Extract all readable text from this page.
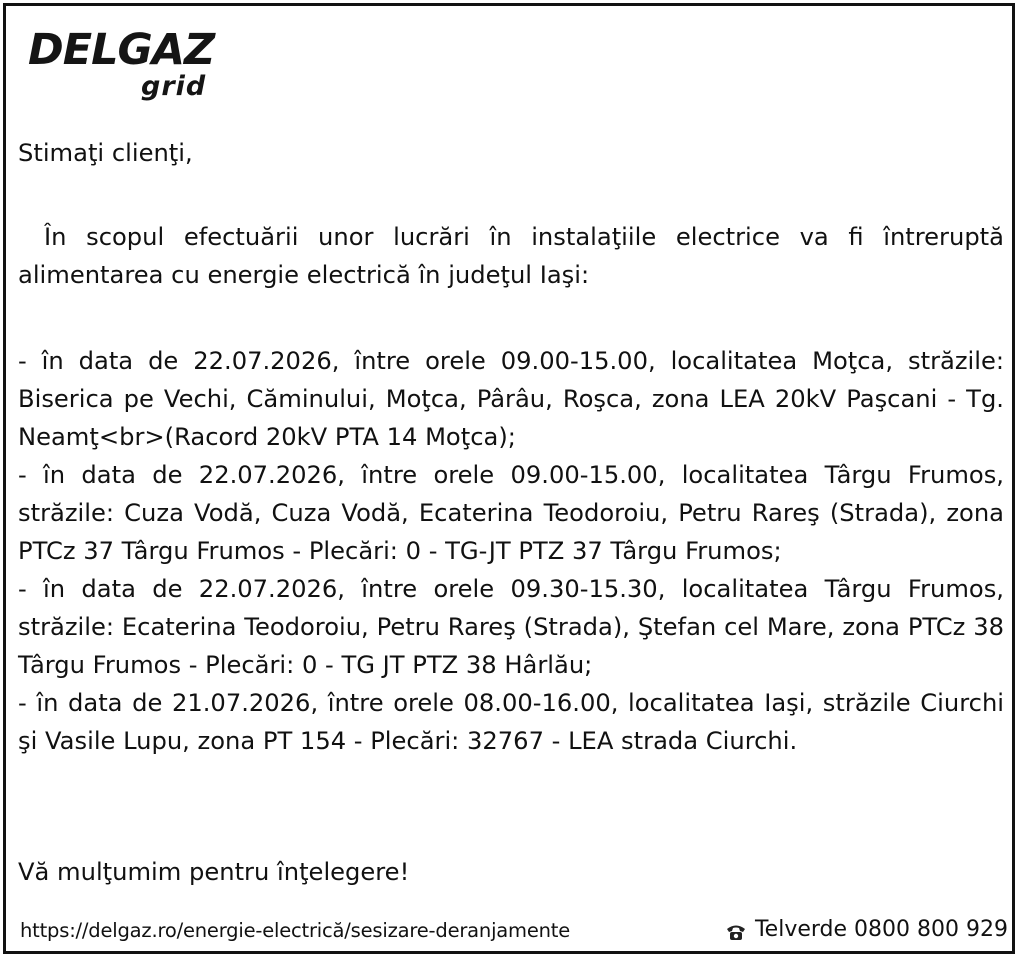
DELGAZ
grid
Stimaţi clienţi,
În scopul efectuării unor lucrări în instalaţiile electrice va fi întreruptă alimentarea cu energie electrică în judeţul Iaşi:
- în data de 22.07.2026, între orele 09.00-15.00, localitatea Moţca, străzile: Biserica pe Vechi, Căminului, Moţca, Pârâu, Roşca, zona LEA 20kV Paşcani - Tg. Neamţ<br>(Racord 20kV PTA 14 Moţca);
- în data de 22.07.2026, între orele 09.00-15.00, localitatea Târgu Frumos, străzile: Cuza Vodă, Cuza Vodă, Ecaterina Teodoroiu, Petru Rareş (Strada), zona PTCz 37 Târgu Frumos - Plecări: 0 - TG-JT PTZ 37 Târgu Frumos;
- în data de 22.07.2026, între orele 09.30-15.30, localitatea Târgu Frumos, străzile: Ecaterina Teodoroiu, Petru Rareş (Strada), Ştefan cel Mare, zona PTCz 38 Târgu Frumos - Plecări: 0 - TG JT PTZ 38 Hârlău;
- în data de 21.07.2026, între orele 08.00-16.00, localitatea Iaşi, străzile Ciurchi şi Vasile Lupu, zona PT 154 - Plecări: 32767 - LEA strada Ciurchi.
Vă mulţumim pentru înţelegere!
https://delgaz.ro/energie-electrică/sesizare-deranjamente	Telverde 0800 800 929
